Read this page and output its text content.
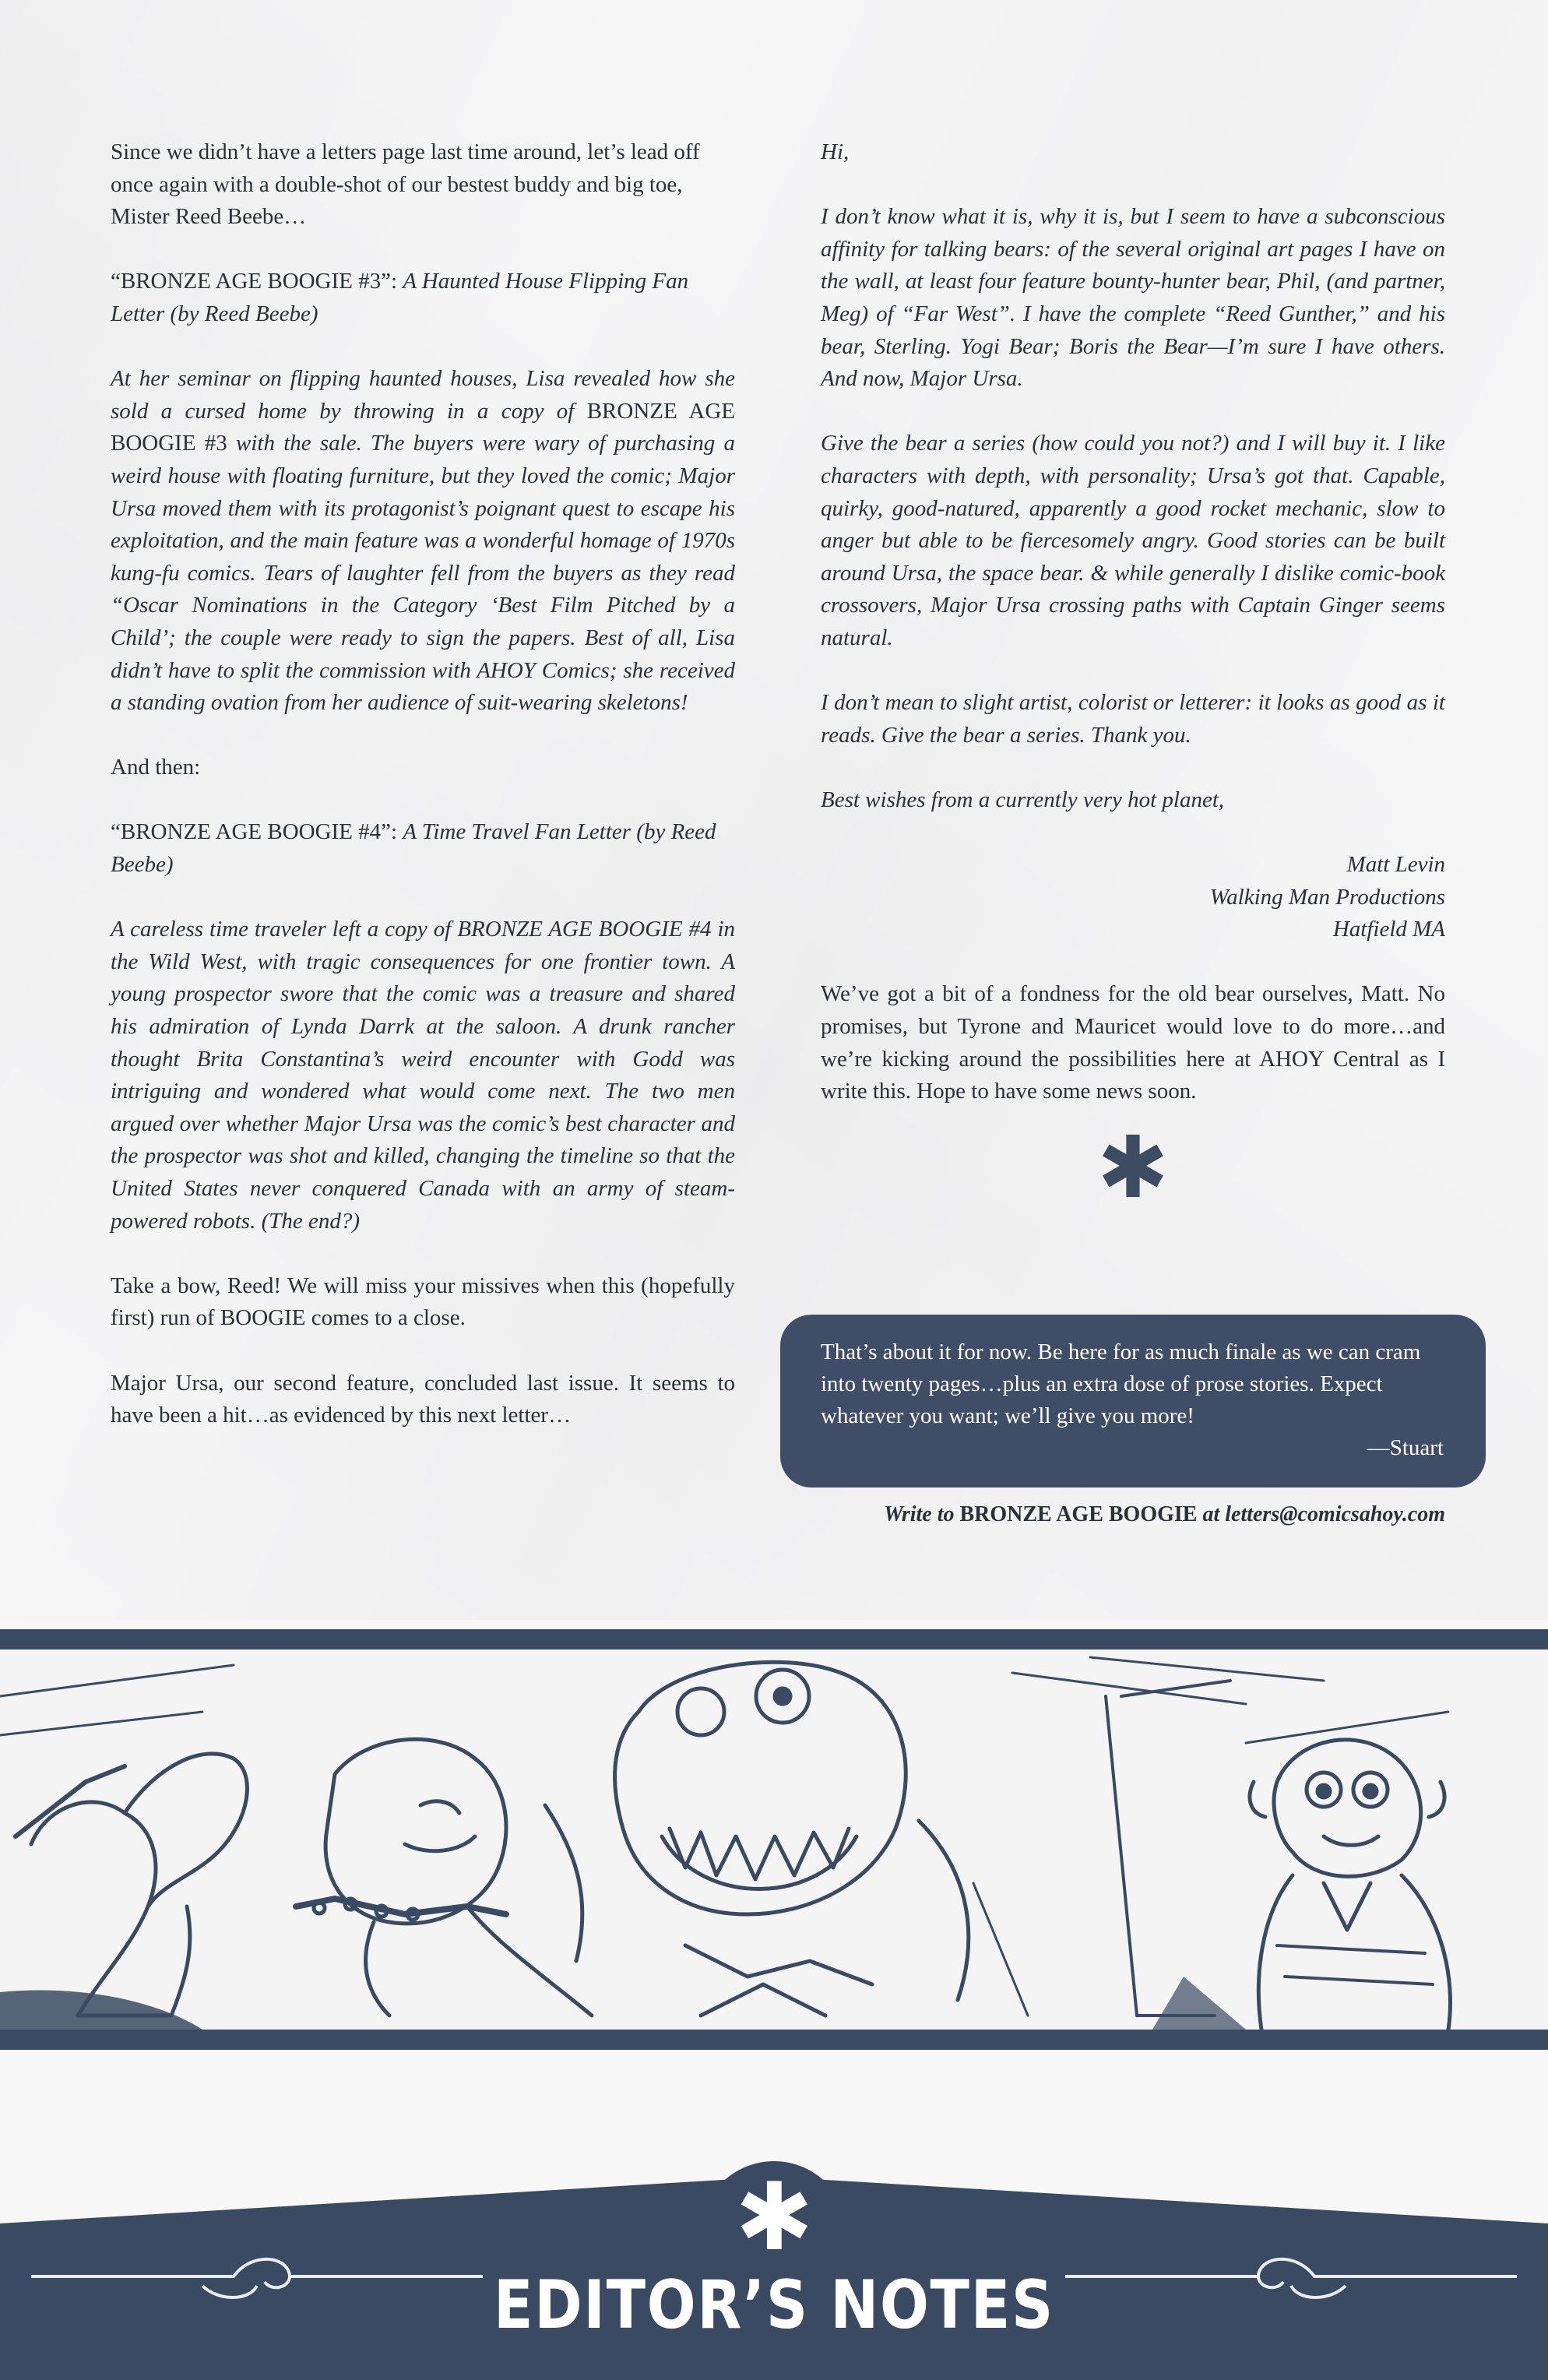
Since we didn’t have a letters page last time around, let’s lead off once again with a double-shot of our bestest buddy and big toe, Mister Reed Beebe…

“BRONZE AGE BOOGIE #3”: A Haunted House Flipping Fan Letter (by Reed Beebe)

At her seminar on flipping haunted houses, Lisa revealed how she sold a cursed home by throwing in a copy of BRONZE AGE BOOGIE #3 with the sale. The buyers were wary of purchasing a weird house with floating furniture, but they loved the comic; Major Ursa moved them with its protagonist’s poignant quest to escape his exploitation, and the main feature was a wonderful homage of 1970s kung-fu comics. Tears of laughter fell from the buyers as they read “Oscar Nominations in the Category ‘Best Film Pitched by a Child’; the couple were ready to sign the papers. Best of all, Lisa didn’t have to split the commission with AHOY Comics; she received a standing ovation from her audience of suit-wearing skeletons!

And then:

“BRONZE AGE BOOGIE #4”: A Time Travel Fan Letter (by Reed Beebe)

A careless time traveler left a copy of BRONZE AGE BOOGIE #4 in the Wild West, with tragic consequences for one frontier town. A young prospector swore that the comic was a treasure and shared his admiration of Lynda Darrk at the saloon. A drunk rancher thought Brita Constantina’s weird encounter with Godd was intriguing and wondered what would come next. The two men argued over whether Major Ursa was the comic’s best character and the prospector was shot and killed, changing the timeline so that the United States never conquered Canada with an army of steam-powered robots. (The end?)

Take a bow, Reed! We will miss your missives when this (hopefully first) run of BOOGIE comes to a close.

Major Ursa, our second feature, concluded last issue. It seems to have been a hit…as evidenced by this next letter…

Hi,

I don’t know what it is, why it is, but I seem to have a subconscious affinity for talking bears: of the several original art pages I have on the wall, at least four feature bounty-hunter bear, Phil, (and partner, Meg) of “Far West”. I have the complete “Reed Gunther,” and his bear, Sterling. Yogi Bear; Boris the Bear—I’m sure I have others. And now, Major Ursa.

Give the bear a series (how could you not?) and I will buy it. I like characters with depth, with personality; Ursa’s got that. Capable, quirky, good-natured, apparently a good rocket mechanic, slow to anger but able to be fiercesomely angry. Good stories can be built around Ursa, the space bear. & while generally I dislike comic-book crossovers, Major Ursa crossing paths with Captain Ginger seems natural.

I don’t mean to slight artist, colorist or letterer: it looks as good as it reads. Give the bear a series. Thank you.

Best wishes from a currently very hot planet,

Matt Levin
Walking Man Productions
Hatfield MA

We’ve got a bit of a fondness for the old bear ourselves, Matt. No promises, but Tyrone and Mauricet would love to do more…and we’re kicking around the possibilities here at AHOY Central as I write this. Hope to have some news soon.

✱
That’s about it for now. Be here for as much finale as we can cram into twenty pages…plus an extra dose of prose stories. Expect whatever you want; we’ll give you more!
—Stuart
Write to BRONZE AGE BOOGIE at letters@comicsahoy.com
✱
EDITOR’S NOTES
